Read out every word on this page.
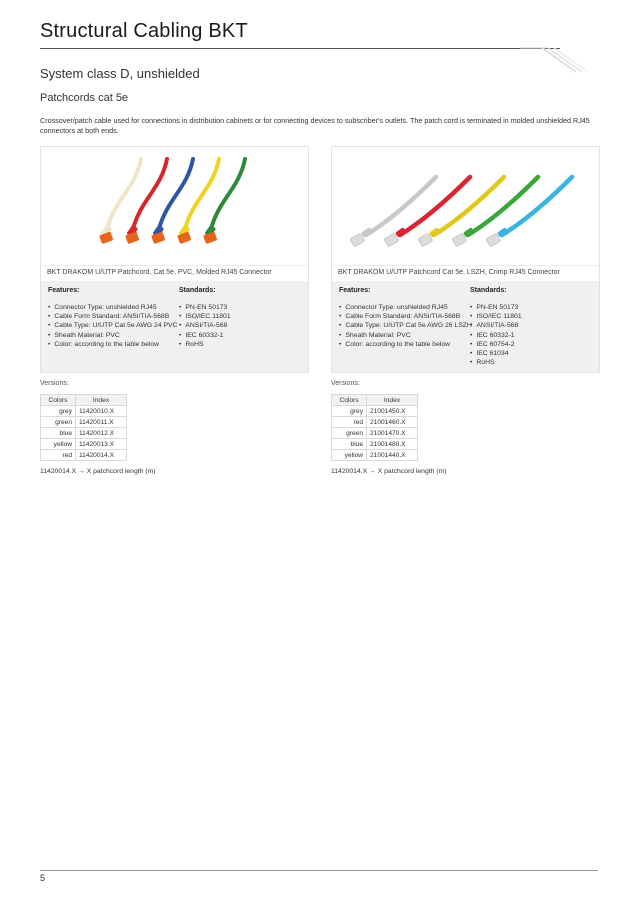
Structural Cabling BKT
System class D, unshielded
Patchcords cat 5e
Crossover/patch cable used for connections in distribution cabinets or for connecting devices to subscriber's outlets. The patch cord is terminated in molded unshielded RJ45 connectors at both ends.
BKT DRAKOM U/UTP Patchcord, Cat 5e, PVC, Molded RJ45 Connector
Features:	Standards:
• Connector Type: unshielded RJ45
• Cable Form Standard: ANSI/TIA-568B
• Cable Type: U/UTP Cat 5e AWG 24 PVC
• Sheath Material: PVC
• Color: according to the table below
• PN-EN 50173
• ISO/IEC 11801
• ANSI/TIA-568
• IEC 60332-1
• RoHS
Versions:
Colors	Index
grey	11420010.X
green	11420011.X
blue	11420012.X
yellow	11420013.X
red	11420014.X
11420014.X → X patchcord length (m)
BKT DRAKOM U/UTP Patchcord Cat 5e, LSZH, Crimp RJ45 Connector
Features:	Standards:
• Connector Type: unshielded RJ45
• Cable Form Standard: ANSI/TIA-568B
• Cable Type: U/UTP Cat 5e AWG 26 LSZH
• Sheath Material: PVC
• Color: according to the table below
• PN-EN 50173
• ISO/IEC 11801
• ANSI/TIA-568
• IEC 60332-1
• IEC 60754-2
• IEC 61034
• RoHS
Versions:
Colors	Index
grey	21001450.X
red	21001460.X
green	21001470.X
blue	21001480.X
yellow	21001440.X
11420014.X → X patchcord length (m)
5
